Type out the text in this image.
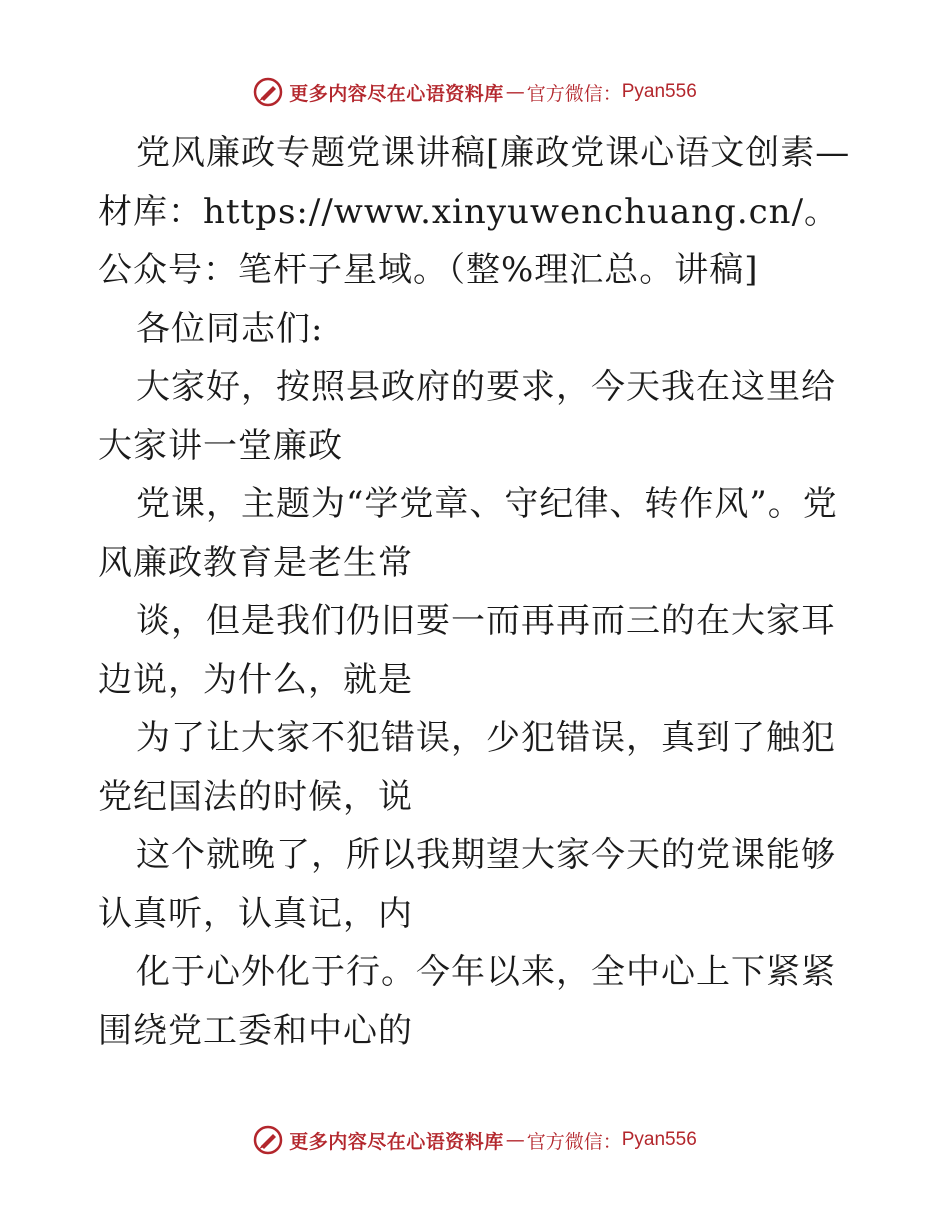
更多内容尽在心语资料库 — 官方微信： Pyan556

党风廉政专题党课讲稿[廉政党课心语文创素—材库：https://www.xinyuwenchuang.cn/。公众号：笔杆子星域。（整%理汇总。讲稿]

各位同志们:

大家好，按照县政府的要求，今天我在这里给大家讲一堂廉政

党课，主题为“学党章、守纪律、转作风”。党风廉政教育是老生常

谈，但是我们仍旧要一而再再而三的在大家耳边说，为什么，就是

为了让大家不犯错误，少犯错误，真到了触犯党纪国法的时候，说

这个就晚了，所以我期望大家今天的党课能够认真听，认真记，内

化于心外化于行。今年以来，全中心上下紧紧围绕党工委和中心的

更多内容尽在心语资料库 — 官方微信： Pyan556
